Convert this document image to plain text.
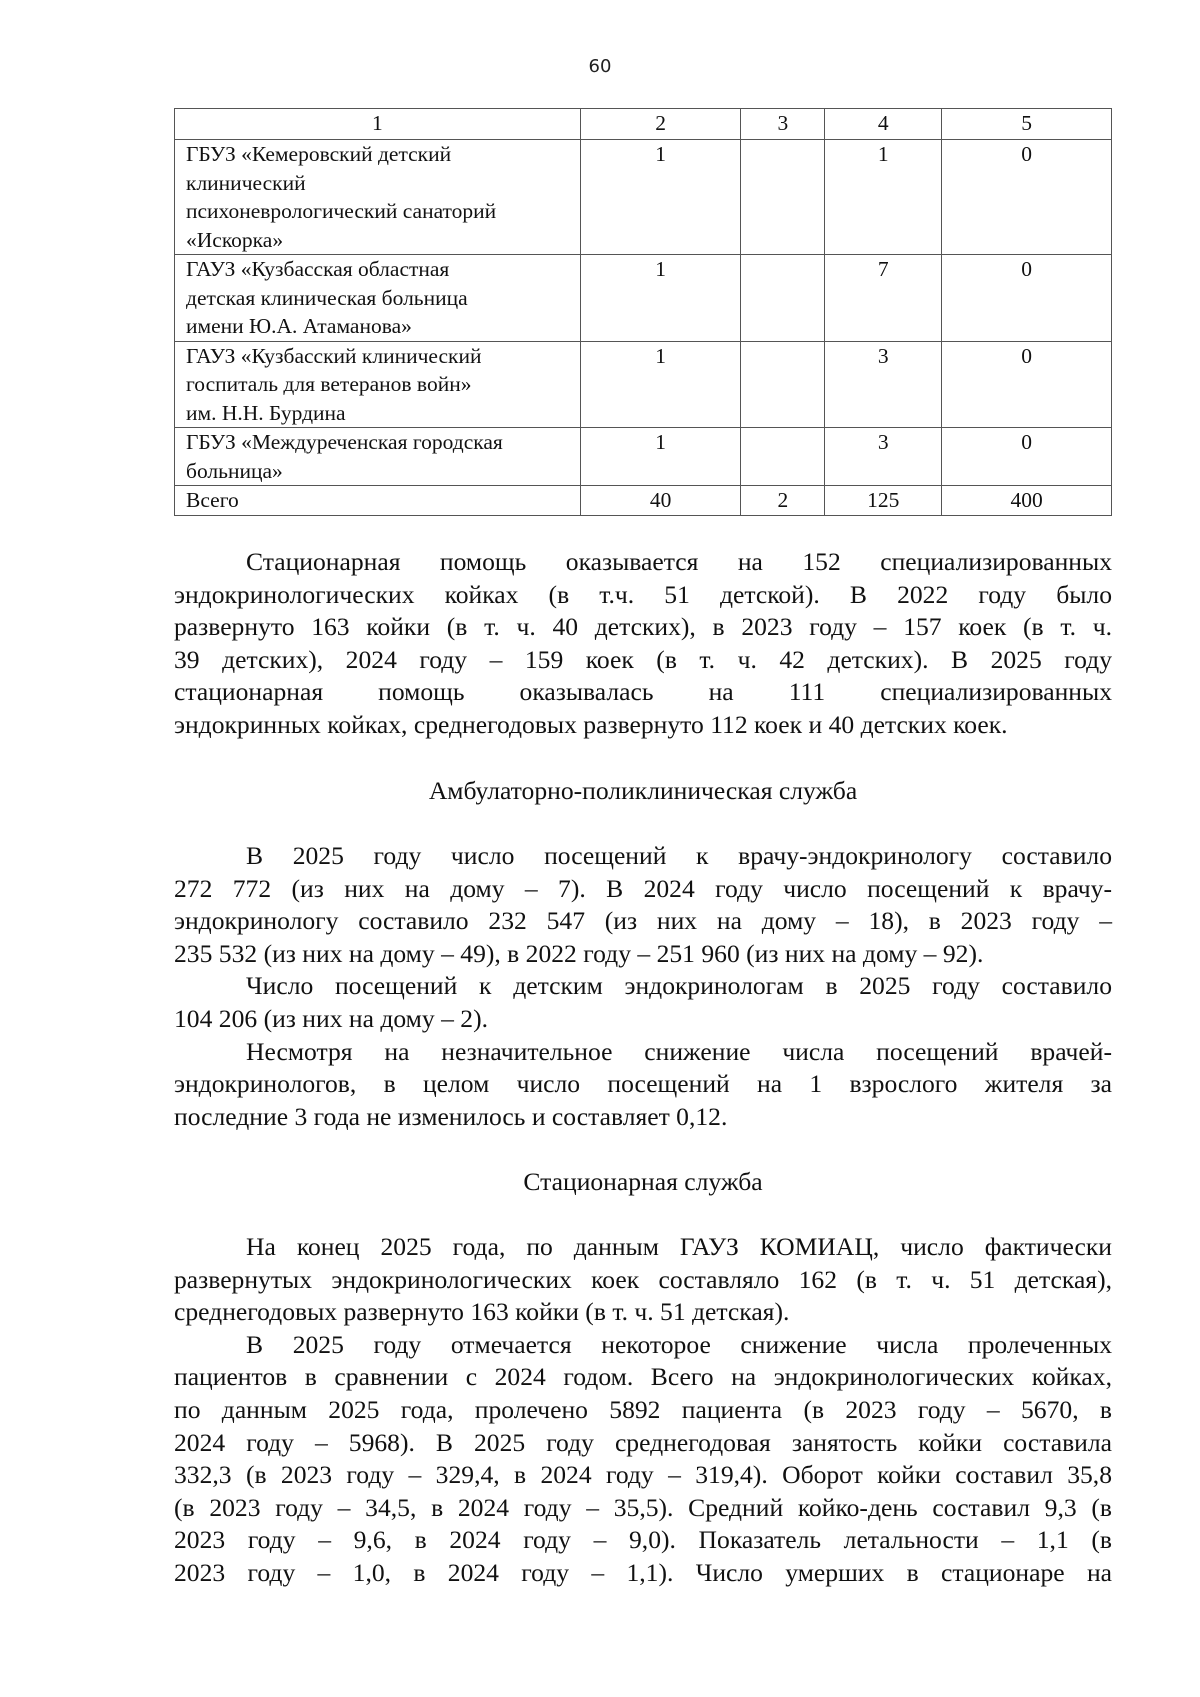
60
1	2	3	4	5

ГБУЗ «Кемеровский детский
клинический
психоневрологический санаторий
«Искорка»	1		1	0

ГАУЗ «Кузбасская областная
детская клиническая больница
имени Ю.А. Атаманова»	1		7	0

ГАУЗ «Кузбасский клинический
госпиталь для ветеранов войн»
им. Н.Н. Бурдина	1		3	0

ГБУЗ «Междуреченская городская
больница»	1		3	0

Всего	40	2	125	400

Стационарная помощь оказывается на 152 специализированных

эндокринологических койках (в т.ч. 51 детской). В 2022 году было

развернуто 163 койки (в т. ч. 40 детских), в 2023 году – 157 коек (в т. ч.

39 детских), 2024 году – 159 коек (в т. ч. 42 детских). В 2025 году

стационарная помощь оказывалась на 111 специализированных

эндокринных койках, среднегодовых развернуто 112 коек и 40 детских коек.

Амбулаторно-поликлиническая служба

В 2025 году число посещений к врачу-эндокринологу составило

272 772 (из них на дому – 7). В 2024 году число посещений к врачу-

эндокринологу составило 232 547 (из них на дому – 18), в 2023 году –

235 532 (из них на дому – 49), в 2022 году – 251 960 (из них на дому – 92).

Число посещений к детским эндокринологам в 2025 году составило

104 206 (из них на дому – 2).

Несмотря на незначительное снижение числа посещений врачей-

эндокринологов, в целом число посещений на 1 взрослого жителя за

последние 3 года не изменилось и составляет 0,12.

Стационарная служба

На конец 2025 года, по данным ГАУЗ КОМИАЦ, число фактически

развернутых эндокринологических коек составляло 162 (в т. ч. 51 детская),

среднегодовых развернуто 163 койки (в т. ч. 51 детская).

В 2025 году отмечается некоторое снижение числа пролеченных

пациентов в сравнении с 2024 годом. Всего на эндокринологических койках,

по данным 2025 года, пролечено 5892 пациента (в 2023 году – 5670, в

2024 году – 5968). В 2025 году среднегодовая занятость койки составила

332,3 (в 2023 году – 329,4, в 2024 году – 319,4). Оборот койки составил 35,8

(в 2023 году – 34,5, в 2024 году – 35,5). Средний койко-день составил 9,3 (в

2023 году – 9,6, в 2024 году – 9,0). Показатель летальности – 1,1 (в

2023 году – 1,0, в 2024 году – 1,1). Число умерших в стационаре на
